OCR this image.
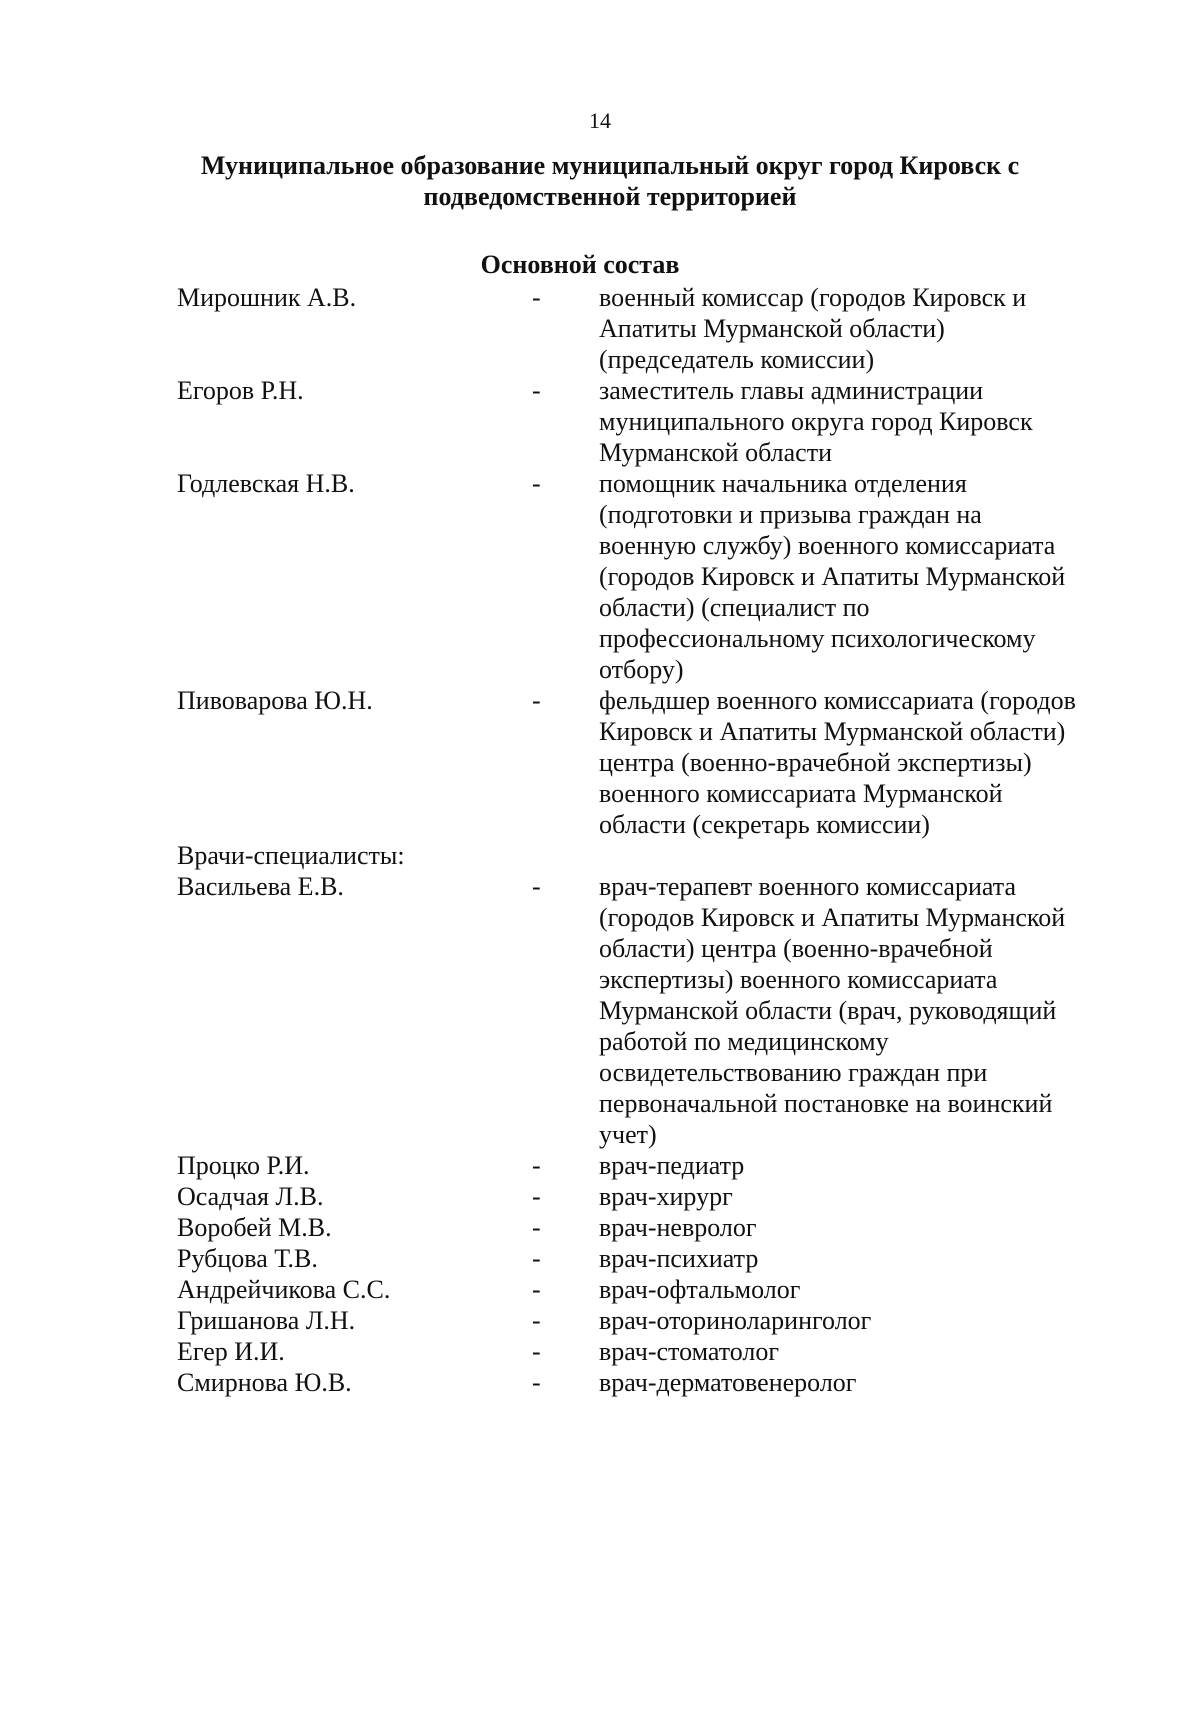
14
Муниципальное образование муниципальный округ город Кировск с
подведомственной территорией
Основной состав
Мирошник А.В.	-	военный комиссар (городов Кировск и
Апатиты Мурманской области)
(председатель комиссии)
Егоров Р.Н.	-	заместитель главы администрации
муниципального округа город Кировск
Мурманской области
Годлевская Н.В.	-	помощник начальника отделения
(подготовки и призыва граждан на
военную службу) военного комиссариата
(городов Кировск и Апатиты Мурманской
области) (специалист по
профессиональному психологическому
отбору)
Пивоварова Ю.Н.	-	фельдшер военного комиссариата (городов
Кировск и Апатиты Мурманской области)
центра (военно-врачебной экспертизы)
военного комиссариата Мурманской
области (секретарь комиссии)
Врачи-специалисты:
Васильева Е.В.	-	врач-терапевт военного комиссариата
(городов Кировск и Апатиты Мурманской
области) центра (военно-врачебной
экспертизы) военного комиссариата
Мурманской области (врач, руководящий
работой по медицинскому
освидетельствованию граждан при
первоначальной постановке на воинский
учет)
Процко Р.И.	-	врач-педиатр
Осадчая Л.В.	-	врач-хирург
Воробей М.В.	-	врач-невролог
Рубцова Т.В.	-	врач-психиатр
Андрейчикова С.С.	-	врач-офтальмолог
Гришанова Л.Н.	-	врач-оториноларинголог
Егер И.И.	-	врач-стоматолог
Смирнова Ю.В.	-	врач-дерматовенеролог
